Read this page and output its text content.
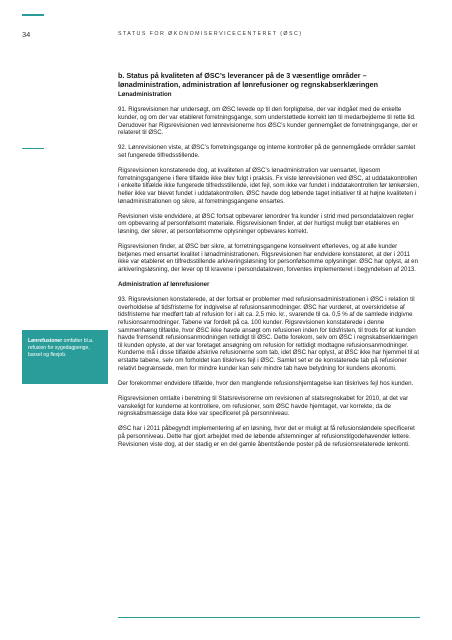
34	STATUS FOR ØKONOMISERVICECENTERET (ØSC)
Lønrefusioner omfatter bl.a. refusion for sygedagpenge, barsel og flexjob.
b. Status på kvaliteten af ØSC’s leverancer på de 3 væsentlige områder –
lønadministration, administration af lønrefusioner og regnskabserklæringen

Lønadministration

91. Rigsrevisionen har undersøgt, om ØSC levede op til den forpligtelse, der var indgået med de enkelte kunder, og om der var etableret forretningsgange, som understøttede korrekt løn til medarbejderne til rette tid. Derudover har Rigsrevisionen ved lønrevisionerne hos ØSC’s kunder gennemgået de forretningsgange, der er relateret til ØSC.

92. Lønrevisionen viste, at ØSC’s forretningsgange og interne kontroller på de gennemgåede områder samlet set fungerede tilfredsstillende.

Rigsrevisionen konstaterede dog, at kvaliteten af ØSC’s lønadministration var uensartet, ligesom forretningsgangene i flere tilfælde ikke blev fulgt i praksis. Fx viste lønrevisionen ved ØSC, at uddatakontrollen i enkelte tilfælde ikke fungerede tilfredsstillende, idet fejl, som ikke var fundet i inddatakontrollen før lønkørslen, heller ikke var blevet fundet i uddatakontrollen. ØSC havde dog løbende taget initiativer til at højne kvaliteten i lønadministrationen og sikre, at forretningsgangene ensartes.

Revisionen viste endvidere, at ØSC fortsat opbevarer lønordrer fra kunder i strid med persondataloven regler om opbevaring af personfølsomt materiale. Rigsrevisionen finder, at der hurtigst muligt bør etableres en løsning, der sikrer, at personfølsomme oplysninger opbevares korrekt.

Rigsrevisionen finder, at ØSC bør sikre, at forretningsgangene konsekvent efterleves, og at alle kunder betjenes med ensartet kvalitet i lønadministrationen. Rigsrevisionen har endvidere konstateret, at der i 2011 ikke var etableret en tilfredsstillende arkiveringsløsning for personfølsomme oplysninger. ØSC har oplyst, at en arkiveringsløsning, der lever op til kravene i persondataloven, forventes implementeret i begyndelsen af 2013.

Administration af lønrefusioner

93. Rigsrevisionen konstaterede, at der fortsat er problemer med refusionsadministrationen i ØSC i relation til overholdelse af tidsfristerne for indgivelse af refusionsanmodninger. ØSC har vurderet, at overskridelse af tidsfristerne har medført tab af refusion for i alt ca. 2,5 mio. kr., svarende til ca. 0,5 % af de samlede indgivne refusionsanmodninger. Tabene var fordelt på ca. 100 kunder. Rigsrevisionen konstaterede i denne sammenhæng tilfælde, hvor ØSC ikke havde ansøgt om refusionen inden for tidsfristen, til trods for at kunden havde fremsendt refusionsanmodningen rettidigt til ØSC. Dette forekom, selv om ØSC i regnskabserklæringen til kunden oplyste, at der var foretaget ansøgning om refusion for rettidigt modtagne refusionsanmodninger. Kunderne må i disse tilfælde afskrive refusionerne som tab, idet ØSC har oplyst, at ØSC ikke har hjemmel til at erstatte tabene, selv om forholdet kan tilskrives fejl i ØSC. Samlet set er de konstaterede tab på refusioner relativt begrænsede, men for mindre kunder kan selv mindre tab have betydning for kundens økonomi.

Der forekommer endvidere tilfælde, hvor den manglende refusionshjemtagelse kan tilskrives fejl hos kunden.

Rigsrevisionen omtalte i beretning til Statsrevisorerne om revisionen af statsregnskabet for 2010, at det var vanskeligt for kunderne at kontrollere, om refusioner, som ØSC havde hjemtaget, var korrekte, da de regnskabsmæssige data ikke var specificeret på personniveau.

ØSC har i 2011 påbegyndt implementering af en løsning, hvor det er muligt at få refusionsløndele specificeret på personniveau. Dette har gjort arbejdet med de løbende afstemninger af refusionstilgodehavender lettere. Revisionen viste dog, at der stadig er en del gamle åbentstående poster på de refusionsrelaterede lønkonti.
